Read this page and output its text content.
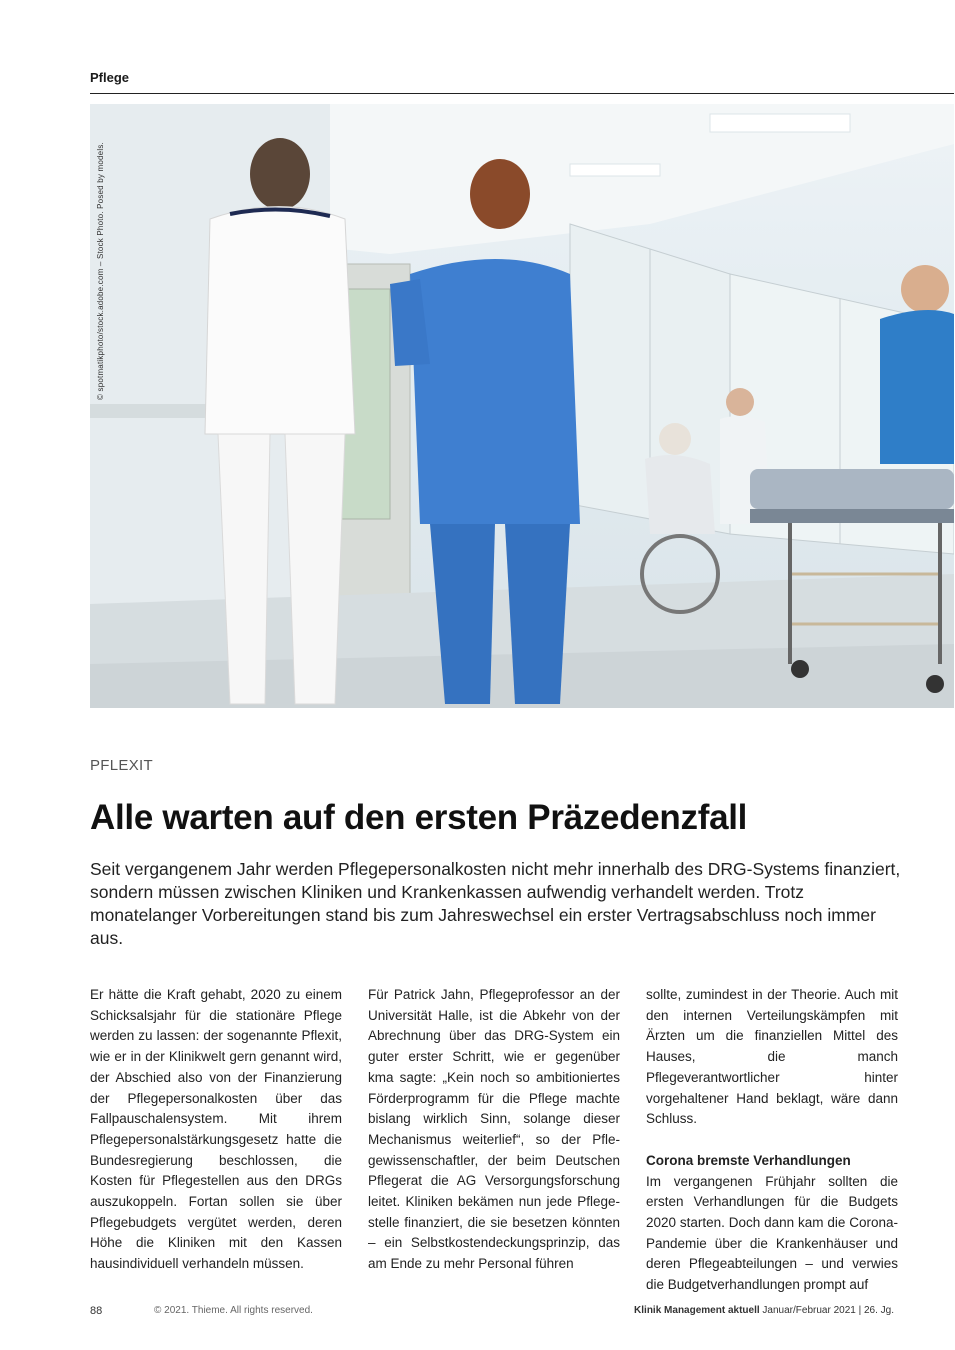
Pflege
© spotmatikphoto/stock.adobe.com – Stock Photo. Posed by models.
PFLEXIT
Alle warten auf den ersten Präzedenzfall

Seit vergangenem Jahr werden Pflegepersonalkosten nicht mehr innerhalb des DRG-Systems finanziert, sondern müssen zwischen Kliniken und Krankenkassen aufwendig verhandelt werden. Trotz monatelanger Vorbereitungen stand bis zum Jahreswechsel ein erster Vertragsabschluss noch immer aus.

Er hätte die Kraft gehabt, 2020 zu einem Schicksalsjahr für die stationäre Pflege werden zu lassen: der sogenannte Pflexit, wie er in der Klinikwelt gern genannt wird, der Abschied also von der Finanzierung der Pflegepersonalkosten über das Fallpauschalensystem. Mit ihrem Pflegepersonalstärkungsgesetz hatte die Bundesregierung beschlossen, die Kosten für Pflegestellen aus den DRGs auszukoppeln. Fortan sollen sie über Pflegebudgets vergütet werden, deren Höhe die Kliniken mit den Kassen hausindividuell verhandeln müssen.

Für Patrick Jahn, Pflegeprofessor an der Universität Halle, ist die Abkehr von der Abrechnung über das DRG-System ein guter erster Schritt, wie er gegenüber kma sagte: „Kein noch so ambitioniertes Förderprogramm für die Pflege machte bislang wirklich Sinn, solange dieser Mechanismus weiterlief“, so der Pflegewissenschaftler, der beim Deutschen Pflegerat die AG Versorgungsforschung leitet. Kliniken bekämen nun jede Pflegestelle finanziert, die sie besetzen könnten – ein Selbstkostendeckungsprinzip, das am Ende zu mehr Personal führen

sollte, zumindest in der Theorie. Auch mit den internen Verteilungskämpfen mit Ärzten um die finanziellen Mittel des Hauses, die manch Pflegeverantwortlicher hinter vorgehaltener Hand beklagt, wäre dann Schluss.

Corona bremste Verhandlungen

Im vergangenen Frühjahr sollten die ersten Verhandlungen für die Budgets 2020 starten. Doch dann kam die Corona-Pandemie über die Krankenhäuser und deren Pflegeabteilungen – und verwies die Budgetverhandlungen prompt auf

88	© 2021. Thieme. All rights reserved.	Klinik Management aktuell Januar/Februar 2021 | 26. Jg.
